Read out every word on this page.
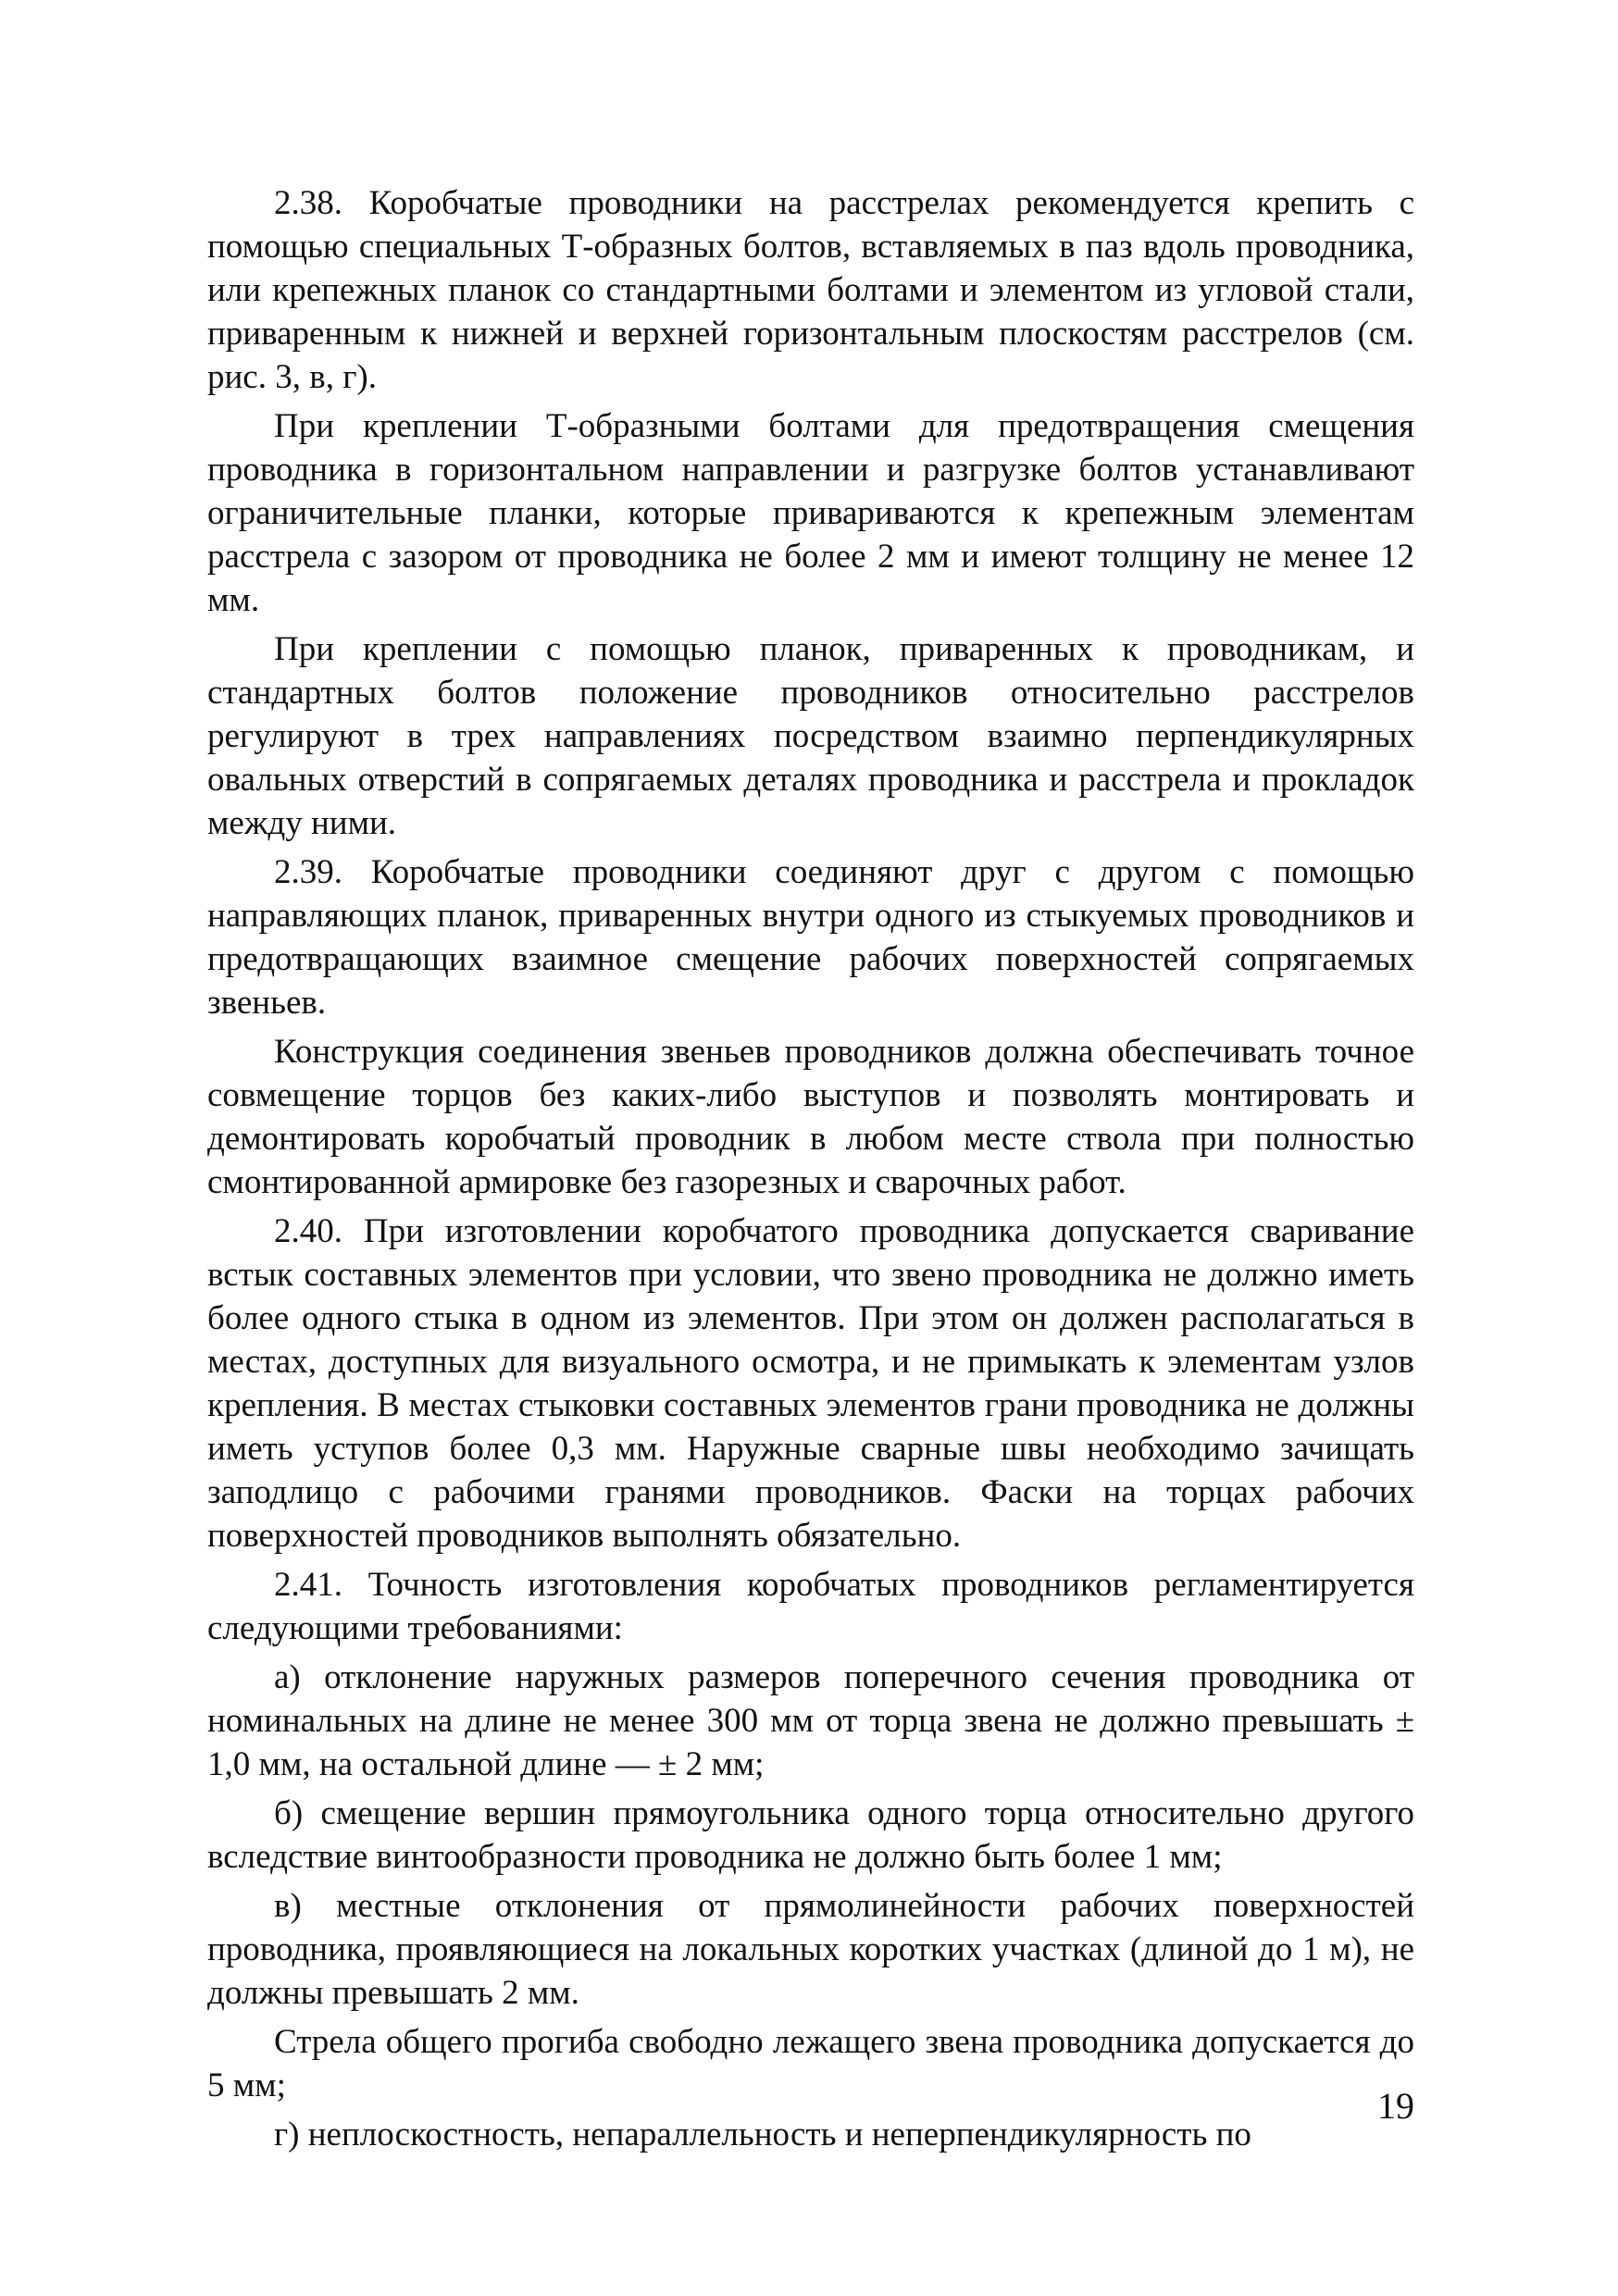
2.38. Коробчатые проводники на расстрелах рекомендуется крепить с помощью специальных Т-образных болтов, вставляемых в паз вдоль проводника, или крепежных планок со стандартными болтами и элементом из угловой стали, приваренным к нижней и верхней горизонтальным плоскостям расстрелов (см. рис. 3, в, г).

При креплении Т-образными болтами для предотвращения смещения проводника в горизонтальном направлении и разгрузке болтов устанавливают ограничительные планки, которые привариваются к крепежным элементам расстрела с зазором от проводника не более 2 мм и имеют толщину не менее 12 мм.

При креплении с помощью планок, приваренных к проводникам, и стандартных болтов положение проводников относительно расстрелов регулируют в трех направлениях посредством взаимно перпендикулярных овальных отверстий в сопрягаемых деталях проводника и расстрела и прокладок между ними.

2.39. Коробчатые проводники соединяют друг с другом с помощью направляющих планок, приваренных внутри одного из стыкуемых проводников и предотвращающих взаимное смещение рабочих поверхностей сопрягаемых звеньев.

Конструкция соединения звеньев проводников должна обеспечивать точное совмещение торцов без каких-либо выступов и позволять монтировать и демонтировать коробчатый проводник в любом месте ствола при полностью смонтированной армировке без газорезных и сварочных работ.

2.40. При изготовлении коробчатого проводника допускается сваривание встык составных элементов при условии, что звено проводника не должно иметь более одного стыка в одном из элементов. При этом он должен располагаться в местах, доступных для визуального осмотра, и не примыкать к элементам узлов крепления. В местах стыковки составных элементов грани проводника не должны иметь уступов более 0,3 мм. Наружные сварные швы необходимо зачищать заподлицо с рабочими гранями проводников. Фаски на торцах рабочих поверхностей проводников выполнять обязательно.

2.41. Точность изготовления коробчатых проводников регламентируется следующими требованиями:

а) отклонение наружных размеров поперечного сечения проводника от номинальных на длине не менее 300 мм от торца звена не должно превышать ± 1,0 мм, на остальной длине — ± 2 мм;

б) смещение вершин прямоугольника одного торца относительно другого вследствие винтообразности проводника не должно быть более 1 мм;

в) местные отклонения от прямолинейности рабочих поверхностей проводника, проявляющиеся на локальных коротких участках (длиной до 1 м), не должны превышать 2 мм.

Стрела общего прогиба свободно лежащего звена проводника допускается до 5 мм;

г) неплоскостность, непараллельность и неперпендикулярность по

19
